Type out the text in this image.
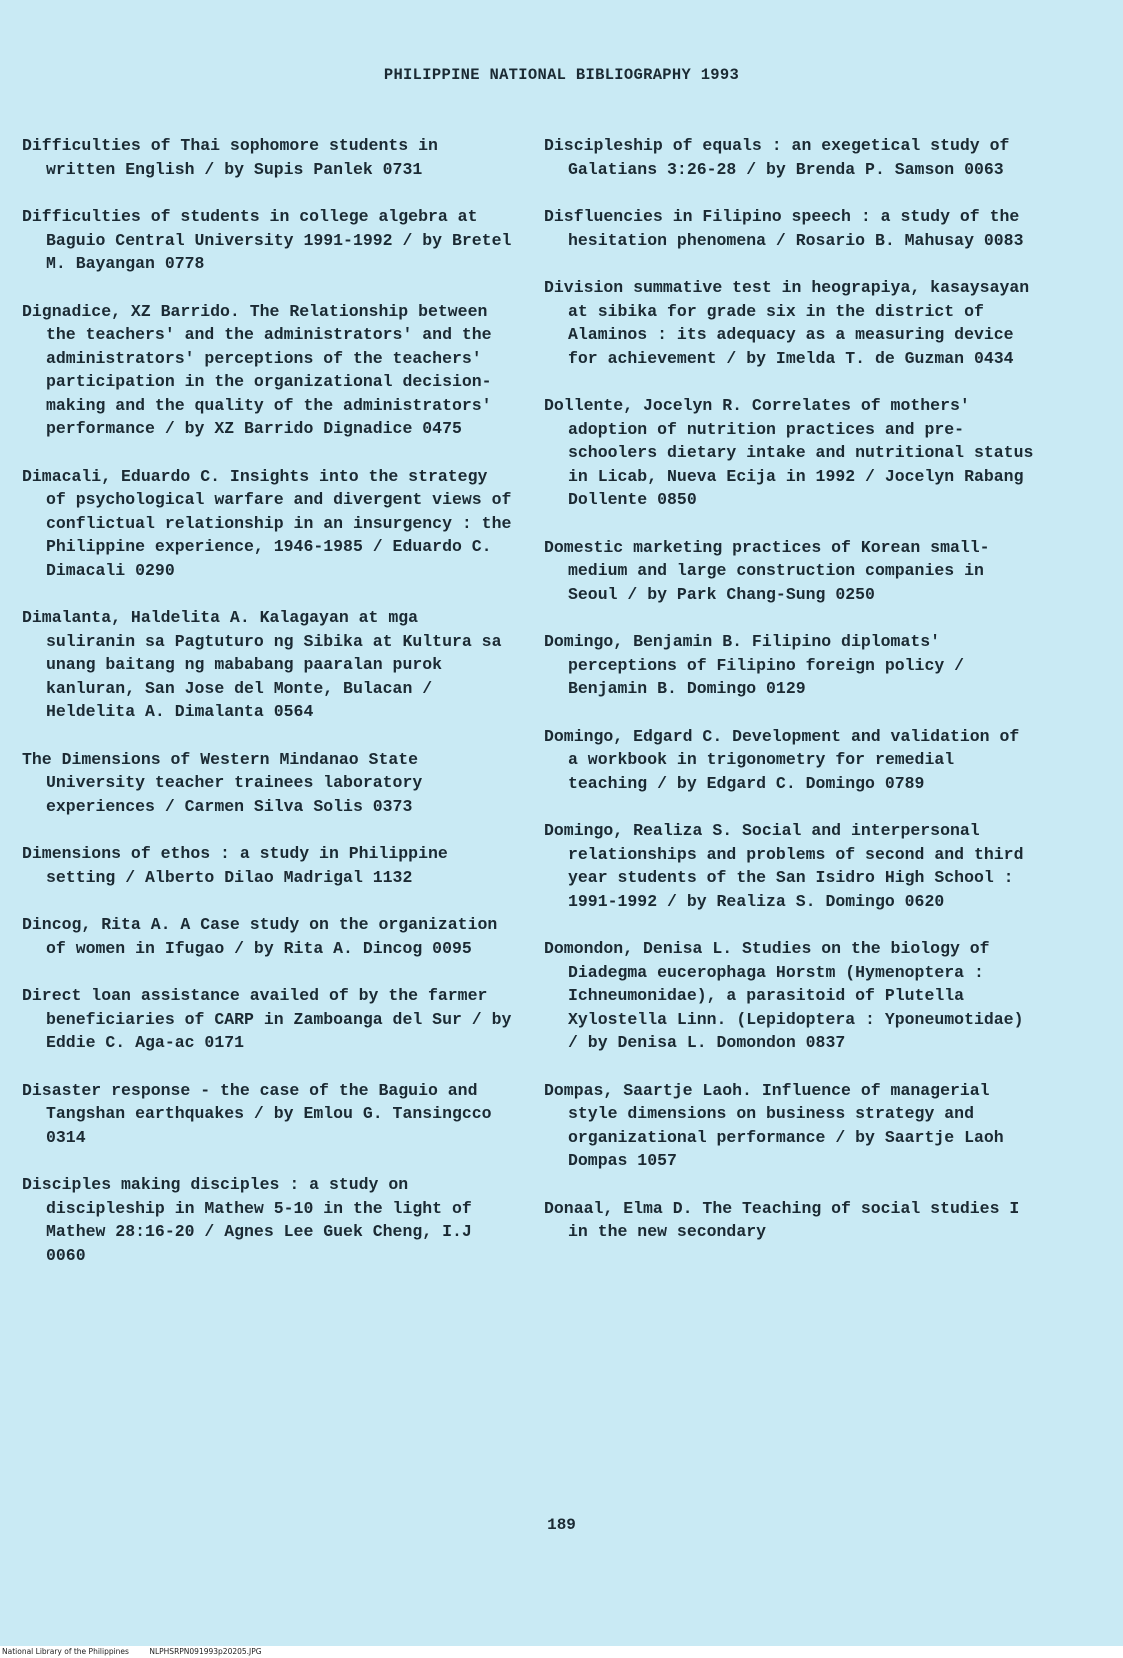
PHILIPPINE NATIONAL BIBLIOGRAPHY 1993

Difficulties of Thai sophomore students in written English / by Supis Panlek 0731

Difficulties of students in college algebra at Baguio Central University 1991-1992 / by Bretel M. Bayangan 0778

Dignadice, XZ Barrido. The Relationship between the teachers' and the administrators' and the administrators' perceptions of the teachers' participation in the organizational decision-making and the quality of the administrators' performance / by XZ Barrido Dignadice 0475

Dimacali, Eduardo C. Insights into the strategy of psychological warfare and divergent views of conflictual relationship in an insurgency : the Philippine experience, 1946-1985 / Eduardo C. Dimacali 0290

Dimalanta, Haldelita A. Kalagayan at mga suliranin sa Pagtuturo ng Sibika at Kultura sa unang baitang ng mababang paaralan purok kanluran, San Jose del Monte, Bulacan / Heldelita A. Dimalanta 0564

The Dimensions of Western Mindanao State University teacher trainees laboratory experiences / Carmen Silva Solis 0373

Dimensions of ethos : a study in Philippine setting / Alberto Dilao Madrigal 1132

Dincog, Rita A. A Case study on the organization of women in Ifugao / by Rita A. Dincog 0095

Direct loan assistance availed of by the farmer beneficiaries of CARP in Zamboanga del Sur / by Eddie C. Aga-ac 0171

Disaster response - the case of the Baguio and Tangshan earthquakes / by Emlou G. Tansingcco 0314

Disciples making disciples : a study on discipleship in Mathew 5-10 in the light of Mathew 28:16-20 / Agnes Lee Guek Cheng, I.J 0060

Discipleship of equals : an exegetical study of Galatians 3:26-28 / by Brenda P. Samson 0063

Disfluencies in Filipino speech : a study of the hesitation phenomena / Rosario B. Mahusay 0083

Division summative test in heograpiya, kasaysayan at sibika for grade six in the district of Alaminos : its adequacy as a measuring device for achievement / by Imelda T. de Guzman 0434

Dollente, Jocelyn R. Correlates of mothers' adoption of nutrition practices and pre-schoolers dietary intake and nutritional status in Licab, Nueva Ecija in 1992 / Jocelyn Rabang Dollente 0850

Domestic marketing practices of Korean small-medium and large construction companies in Seoul / by Park Chang-Sung 0250

Domingo, Benjamin B. Filipino diplomats' perceptions of Filipino foreign policy / Benjamin B. Domingo 0129

Domingo, Edgard C. Development and validation of a workbook in trigonometry for remedial teaching / by Edgard C. Domingo 0789

Domingo, Realiza S. Social and interpersonal relationships and problems of second and third year students of the San Isidro High School : 1991-1992 / by Realiza S. Domingo 0620

Domondon, Denisa L. Studies on the biology of Diadegma eucerophaga Horstm (Hymenoptera : Ichneumonidae), a parasitoid of Plutella Xylostella Linn. (Lepidoptera : Yponeumotidae) / by Denisa L. Domondon 0837

Dompas, Saartje Laoh. Influence of managerial style dimensions on business strategy and organizational performance / by Saartje Laoh Dompas 1057

Donaal, Elma D. The Teaching of social studies I in the new secondary

189
National Library of the Philippines	NLPHSRPN091993p20205.JPG
